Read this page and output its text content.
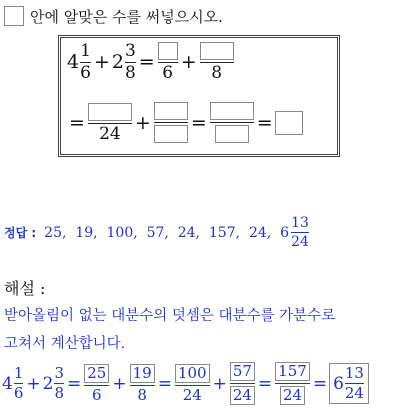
안에 알맞은 수를 써넣으시오.
$4 \frac{1}{6} + 2 \frac{3}{8} = 6 + 8$
= 24 + =	=
정답 : 25,  19,  100,  57,  24,  157,  24,  $6 \frac{13}{24}$
해설 :
받아올림이 없는 대분수의 덧셈은 대분수를 가분수로
고쳐서 계산합니다.
$4 \frac{1}{6} + 2 \frac{3}{8} = \frac{25}{6} + \frac{19}{8} = \frac{100}{24} + \frac{57}{24} = \frac{157}{24} = 6 \frac{13}{24}$
